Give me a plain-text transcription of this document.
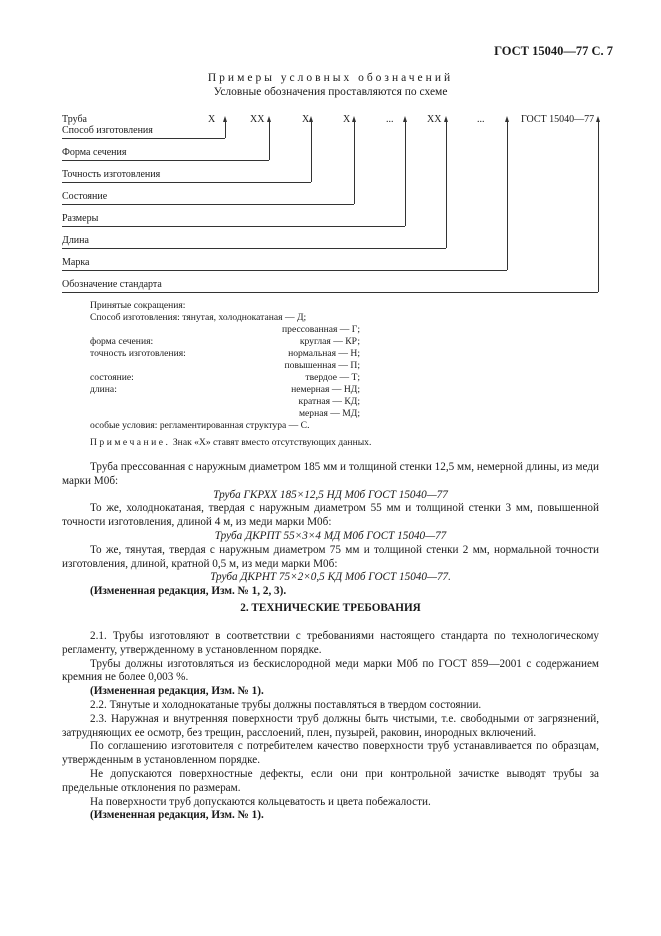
ГОСТ 15040—77 С. 7
Примеры условных обозначений
Условные обозначения проставляются по схеме
Х	ХХ	Х	Х	...	ХХ	...	ГОСТ 15040—77
Труба
Способ изготовления
Форма сечения
Точность изготовления
Состояние
Размеры
Длина
Марка
Обозначение стандарта
Принятые сокращения:
Способ изготовления: тянутая, холоднокатаная — Д;
прессованная — Г;
форма сечения:	круглая — КР;
точность изготовления:	нормальная — Н;
повышенная — П;
состояние:	твердое — Т;
длина:	немерная — НД;
кратная — КД;
мерная — МД;
особые условия: регламентированная структура — С.
Примечание. Знак «Х» ставят вместо отсутствующих данных.

Труба прессованная с наружным диаметром 185 мм и толщиной стенки 12,5 мм, немерной длины, из меди марки М0б:

Труба ГКРХХ 185×12,5 НД М0б ГОСТ 15040—77

То же, холоднокатаная, твердая с наружным диаметром 55 мм и толщиной стенки 3 мм, повышенной точности изготовления, длиной 4 м, из меди марки М0б:

Труба ДКРПТ 55×3×4 МД М0б ГОСТ 15040—77

То же, тянутая, твердая с наружным диаметром 75 мм и толщиной стенки 2 мм, нормальной точности изготовления, длиной, кратной 0,5 м, из меди марки М0б:

Труба ДКРНТ 75×2×0,5 КД М0б ГОСТ 15040—77.

(Измененная редакция, Изм. № 1, 2, 3).

2. ТЕХНИЧЕСКИЕ ТРЕБОВАНИЯ

2.1. Трубы изготовляют в соответствии с требованиями настоящего стандарта по технологическому регламенту, утвержденному в установленном порядке.

Трубы должны изготовляться из бескислородной меди марки М0б по ГОСТ 859—2001 с содержанием кремния не более 0,003 %.

(Измененная редакция, Изм. № 1).

2.2. Тянутые и холоднокатаные трубы должны поставляться в твердом состоянии.

2.3. Наружная и внутренняя поверхности труб должны быть чистыми, т.е. свободными от загрязнений, затрудняющих ее осмотр, без трещин, расслоений, плен, пузырей, раковин, инородных включений.

По соглашению изготовителя с потребителем качество поверхности труб устанавливается по образцам, утвержденным в установленном порядке.

Не допускаются поверхностные дефекты, если они при контрольной зачистке выводят трубы за предельные отклонения по размерам.

На поверхности труб допускаются кольцеватость и цвета побежалости.

(Измененная редакция, Изм. № 1).
